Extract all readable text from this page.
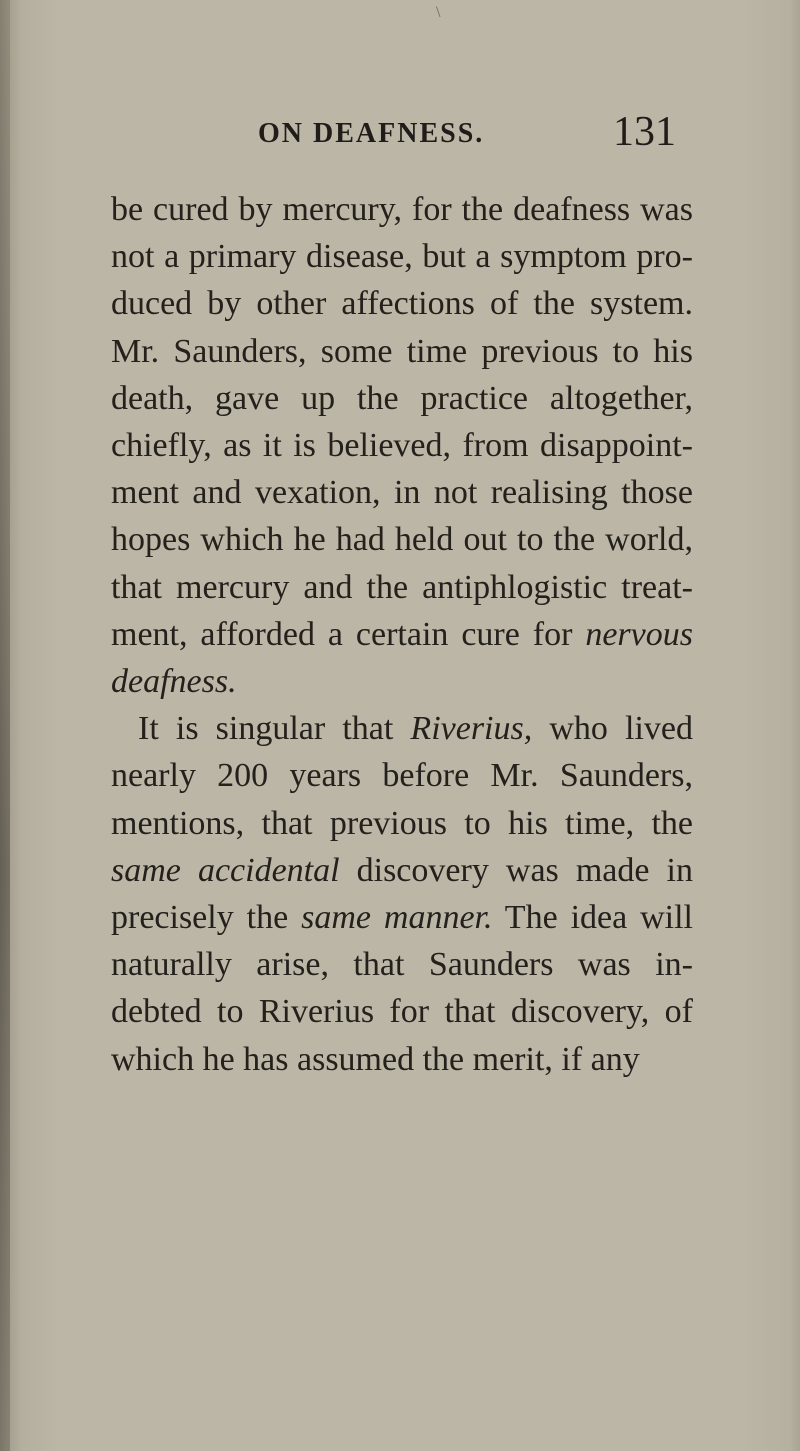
\
ON DEAFNESS.	131
be cured by mercury, for the deafness was
not a primary disease, but a symptom pro-
duced by other affections of the system.
Mr. Saunders, some time previous to his
death, gave up the practice altogether,
chiefly, as it is believed, from disappoint-
ment and vexation, in not realising those
hopes which he had held out to the world,
that mercury and the antiphlogistic treat-
ment, afforded a certain cure for nervous
deafness.
It is singular that Riverius, who lived
nearly 200 years before Mr. Saunders,
mentions, that previous to his time, the
same accidental discovery was made in
precisely the same manner. The idea will
naturally arise, that Saunders was in-
debted to Riverius for that discovery, of
which he has assumed the merit, if any
